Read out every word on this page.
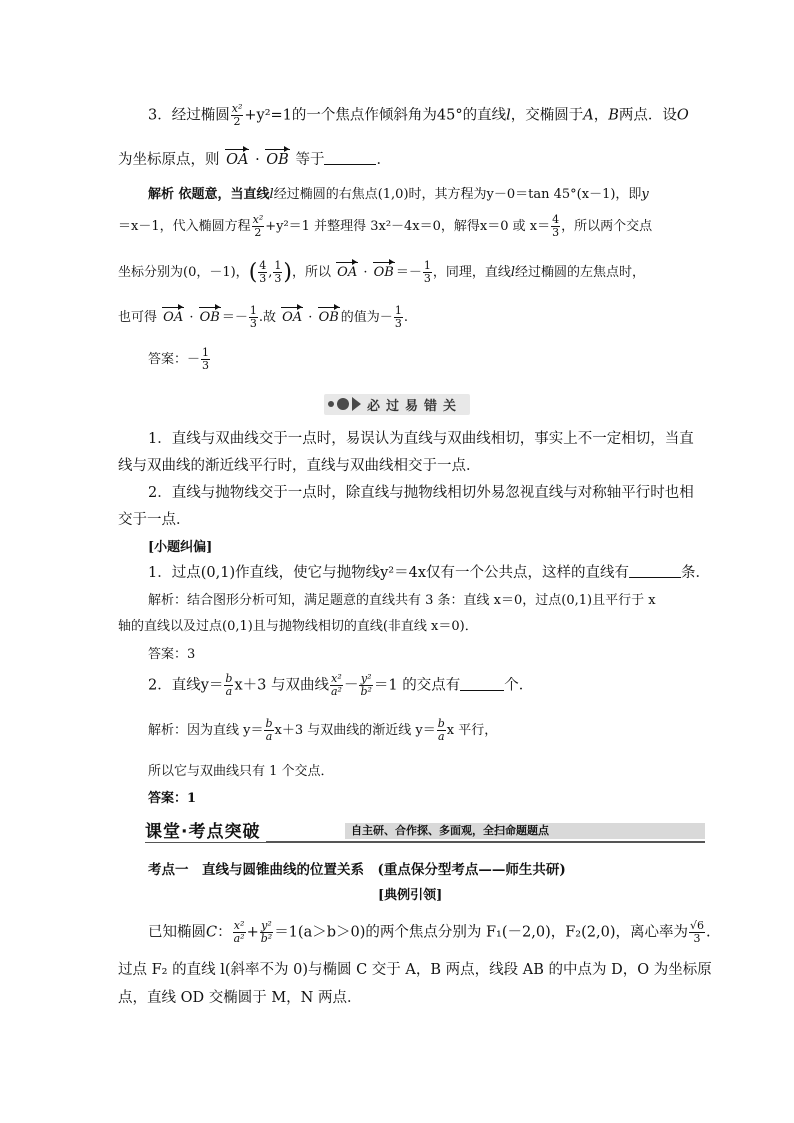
3．经过椭圆 $\frac{\text{x²}}{2} +y^2=1$的一个焦点作倾斜角为45°的直线l，交椭圆于A，B两点．设O
为坐标原点，则 OA · OB 等于	．
解析 依题意，当直线l经过椭圆的右焦点(1,0)时，其方程为y－0＝tan 45°(x－1)，即y
＝x－1，代入椭圆方程 $\frac{\text{x²}}{2} +y^2=1$ 并整理得 3x²－4x＝0，解得x＝0 或 $x= \frac{4}{3}$ ，所以两个交点
坐标分别为(0，－1)，( $\frac{4}{3}$ , $\frac{1}{3}$ )，所以 OA · OB ＝－ $\frac{1}{3}$ ，同理，直线l经过椭圆的左焦点时，
也可得 OA · OB ＝－ $\frac{1}{3}$ .故 OA · OB 的值为－ $\frac{1}{3}$ .
答案：－ $\frac{1}{3}$
必过易错关
1．直线与双曲线交于一点时，易误认为直线与双曲线相切，事实上不一定相切，当直
线与双曲线的渐近线平行时，直线与双曲线相交于一点．
2．直线与抛物线交于一点时，除直线与抛物线相切外易忽视直线与对称轴平行时也相
交于一点．
[小题纠偏]
1．过点(0,1)作直线，使它与抛物线y²＝4x仅有一个公共点，这样的直线有	条．
解析：结合图形分析可知，满足题意的直线共有 3 条：直线 x＝0，过点(0,1)且平行于 x
轴的直线以及过点(0,1)且与抛物线相切的直线(非直线 x＝0)．
答案：3
2．直线$y= \frac{b}{a} x+3$ 与双曲线 $\frac{\text{x²}}{\text{a²}} - \frac{\text{y²}}{\text{b²}} =1$ 的交点有	个．
解析：因为直线 $y= \frac{b}{a} x+3$ 与双曲线的渐近线 $y= \frac{b}{a}$ x 平行，
所以它与双曲线只有 1 个交点．
答案：1
课堂·考点突破	自主研、合作探、多面观，全扫命题题点
考点一　直线与圆锥曲线的位置关系　(重点保分型考点——师生共研)
[典例引领]
已知椭圆C： $\frac{\text{x²}}{\text{a²}} + \frac{\text{y²}}{\text{b²}} =1(a>b>0)$的两个焦点分别为 F₁(－2,0)，F₂(2,0)，离心率为 $\frac{√6}{3}$ .
过点 F₂ 的直线 l(斜率不为 0)与椭圆 C 交于 A，B 两点，线段 AB 的中点为 D，O 为坐标原
点，直线 OD 交椭圆于 M，N 两点．
